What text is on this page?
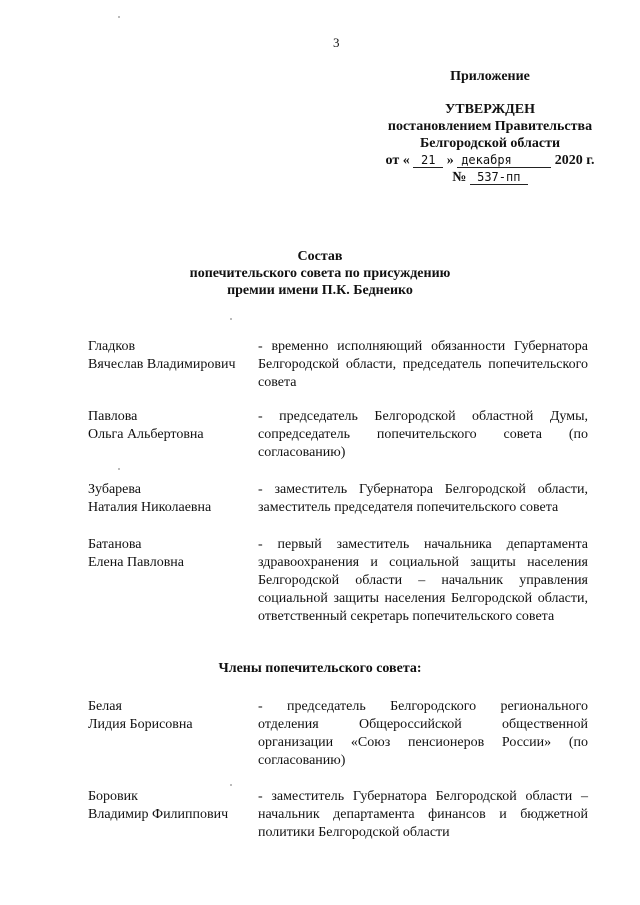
3
Приложение
УТВЕРЖДЕН
постановлением Правительства
Белгородской области
от « 21 » декабря	2020 г.
№ 537-пп
Состав
попечительского совета по присуждению
премии имени П.К. Беднеико
Гладков
Вячеслав Владимирович
- временно исполняющий обязанности Губернатора Белгородской области, председатель попечительского совета
Павлова
Ольга Альбертовна
- председатель Белгородской областной Думы, сопредседатель попечительского совета (по согласованию)
Зубарева
Наталия Николаевна
- заместитель Губернатора Белгородской области, заместитель председателя попечительского совета
Батанова
Елена Павловна
- первый заместитель начальника департамента здравоохранения и социальной защиты населения Белгородской области – начальник управления социальной защиты населения Белгородской области, ответственный секретарь попечительского совета
Члены попечительского совета:
Белая
Лидия Борисовна
- председатель Белгородского регионального отделения Общероссийской общественной организации «Союз пенсионеров России» (по согласованию)
Боровик
Владимир Филиппович
- заместитель Губернатора Белгородской области – начальник департамента финансов и бюджетной политики Белгородской области
